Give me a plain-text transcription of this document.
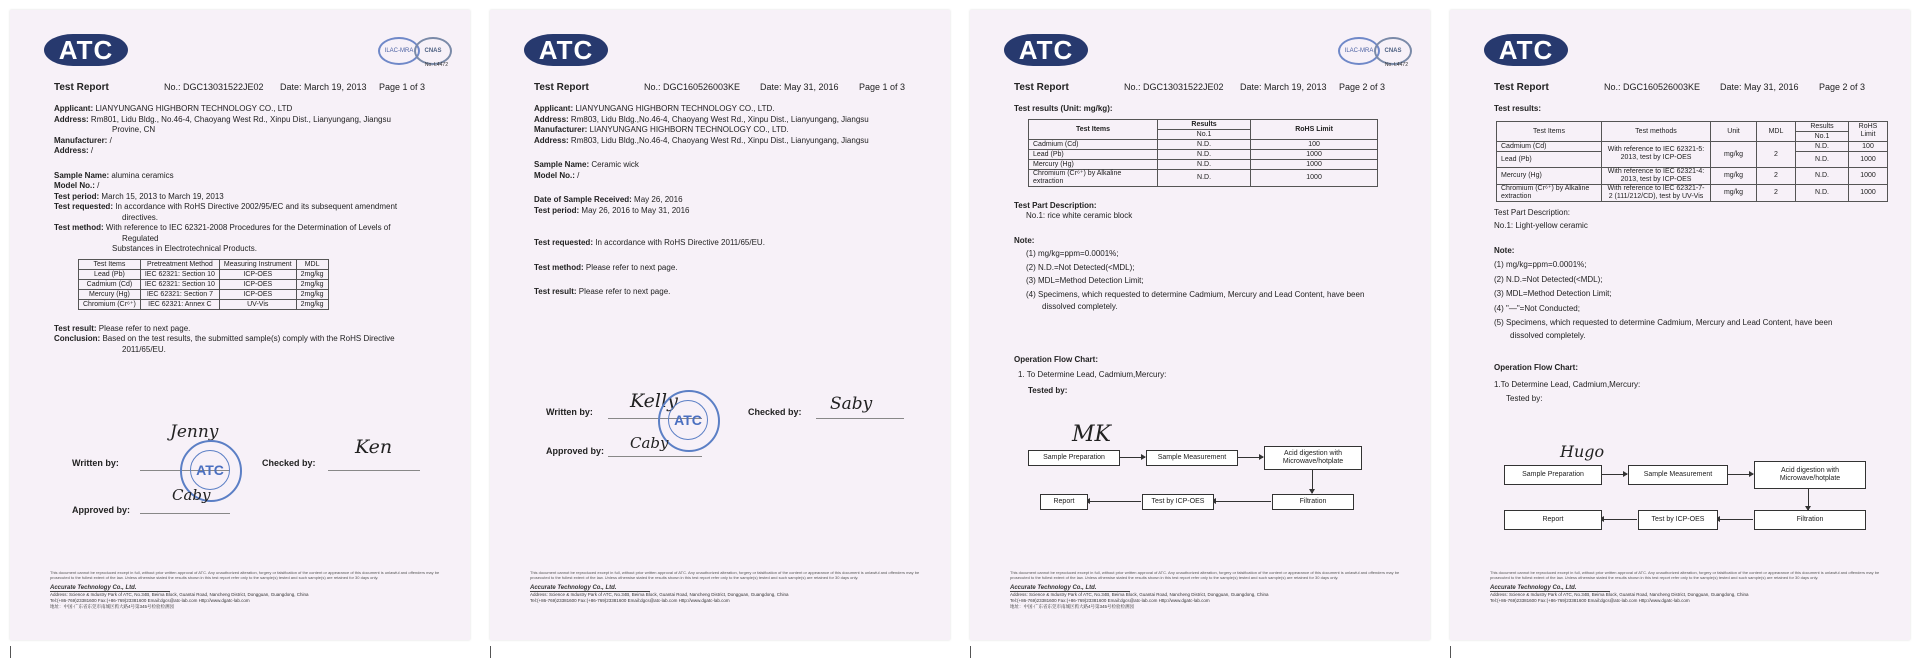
ATC	ILAC-MRA	CNAS
No. L4472
Test Report	No.: DGC13031522JE02 Date: March 19, 2013 Page 1 of 3
Applicant: LIANYUNGANG HIGHBORN TECHNOLOGY CO., LTD
Address: Rm801, Lidu Bldg., No.46-4, Chaoyang West Rd., Xinpu Dist., Lianyungang, Jiangsu
Provine, CN
Manufacturer: /
Address: /
Sample Name: alumina ceramics
Model No.: /
Test period: March 15, 2013 to March 19, 2013
Test requested: In accordance with RoHS Directive 2002/95/EC and its subsequent amendment
directives.
Test method: With reference to IEC 62321-2008 Procedures for the Determination of Levels of
Regulated
Substances in Electrotechnical Products.
Test Items	Pretreatment Method	Measuring Instrument	MDL
Lead (Pb)	IEC 62321: Section 10	ICP-OES	2mg/kg
Cadmium (Cd)	IEC 62321: Section 10	ICP-OES	2mg/kg
Mercury (Hg)	IEC 62321: Section 7	ICP-OES	2mg/kg
Chromium (Cr⁶⁺)	IEC 62321: Annex C	UV-Vis	2mg/kg
Test result: Please refer to next page.
Conclusion: Based on the test results, the submitted sample(s) comply with the RoHS Directive
2011/65/EU.
Written by:
Jenny
ATC	Checked by:
Ken
Approved by:
Caby
This document cannot be reproduced except in full, without prior written approval of ATC. Any unauthorized alteration, forgery or falsification of the content or appearance of this document is unlawful and offenders may be prosecuted to the fullest extent of the law. Unless otherwise stated the results shown in this test report refer only to the sample(s) tested and such sample(s) are retained for 30 days only.
Accurate Technology Co., Ltd.
Address: Science & Industry Park of ATC, No.34B, Beima Block, Guantai Road, Nancheng District, Dongguan, Guangdong, China
Tel:(+86-769)23381600 Fax:(+86-769)23381600 Email:dgcs@atc-lab.com Http://www.dgatc-lab.com
地址：中国·广东省东莞市南城区鸦大路4号第345号检验检测园
ATC
Test Report	No.: DGC160526003KE Date: May 31, 2016 Page 1 of 3
Applicant: LIANYUNGANG HIGHBORN TECHNOLOGY CO., LTD.
Address: Rm803, Lidu Bldg.,No.46-4, Chaoyang West Rd., Xinpu Dist., Lianyungang, Jiangsu
Manufacturer: LIANYUNGANG HIGHBORN TECHNOLOGY CO., LTD.
Address: Rm803, Lidu Bldg.,No.46-4, Chaoyang West Rd., Xinpu Dist., Lianyungang, Jiangsu
Sample Name: Ceramic wick
Model No.: /
Date of Sample Received: May 26, 2016
Test period: May 26, 2016 to May 31, 2016
Test requested: In accordance with RoHS Directive 2011/65/EU.
Test method: Please refer to next page.
Test result: Please refer to next page.
Written by: Kelly
ATC	Checked by: Saby
Approved by: Caby
This document cannot be reproduced except in full, without prior written approval of ATC. Any unauthorized alteration, forgery or falsification of the content or appearance of this document is unlawful and offenders may be prosecuted to the fullest extent of the law. Unless otherwise stated the results shown in this test report refer only to the sample(s) tested and such sample(s) are retained for 30 days only.
Accurate Technology Co., Ltd.
Address: Science & Industry Park of ATC, No.34B, Beima Block, Guantai Road, Nancheng District, Dongguan, Guangdong, China
Tel:(+86-769)23381600 Fax:(+86-769)23381600 Email:dgcs@atc-lab.com Http://www.dgatc-lab.com
ATC	ILAC-MRA	CNAS
No. L4472
Test Report	No.: DGC13031522JE02 Date: March 19, 2013 Page 2 of 3
Test results (Unit: mg/kg):
Test Items	Results	RoHS Limit
	No.1	
Cadmium (Cd)	N.D.	100
Lead (Pb)	N.D.	1000
Mercury (Hg)	N.D.	1000
Chromium (Cr⁶⁺) by Alkaline extraction	N.D.	1000
Test Part Description:
No.1: rice white ceramic block
Note:
(1) mg/kg=ppm=0.0001%;
(2) N.D.=Not Detected(<MDL);
(3) MDL=Method Detection Limit;
(4) Specimens, which requested to determine Cadmium, Mercury and Lead Content, have been
dissolved completely.
Operation Flow Chart:
1. To Determine Lead, Cadmium,Mercury:
Tested by:
MK
Sample Preparation	Sample Measurement
Acid digestion with Microwave/hotplate
Filtration
Test by ICP-OES
Report
This document cannot be reproduced except in full, without prior written approval of ATC. Any unauthorized alteration, forgery or falsification of the content or appearance of this document is unlawful and offenders may be prosecuted to the fullest extent of the law. Unless otherwise stated the results shown in this test report refer only to the sample(s) tested and such sample(s) are retained for 30 days only.
Accurate Technology Co., Ltd.
Address: Science & Industry Park of ATC, No.34B, Beima Block, Guantai Road, Nancheng District, Dongguan, Guangdong, China
Tel:(+86-769)23381600 Fax:(+86-769)23381600 Email:dgcs@atc-lab.com Http://www.dgatc-lab.com
地址：中国·广东省东莞市南城区鸦大路4号第345号检验检测园
ATC
Test Report	No.: DGC160526003KE Date: May 31, 2016 Page 2 of 3
Test results:
Test Items	Test methods	Unit	MDL	Results	RoHS Limit
				No.1	
Cadmium (Cd)	With reference to IEC 62321-5: 2013, test by ICP-OES	mg/kg	2	N.D.	100
Lead (Pb)				N.D.	1000
Mercury (Hg)	With reference to IEC 62321-4: 2013, test by ICP-OES	mg/kg	2	N.D.	1000
Chromium (Cr⁶⁺) by Alkaline extraction	With reference to IEC 62321-7-2 (111/212/CD), test by UV-Vis	mg/kg	2	N.D.	1000
Test Part Description:
No.1: Light-yellow ceramic
Note:
(1) mg/kg=ppm=0.0001%;
(2) N.D.=Not Detected(<MDL);
(3) MDL=Method Detection Limit;
(4) "—"=Not Conducted;
(5) Specimens, which requested to determine Cadmium, Mercury and Lead Content, have been
dissolved completely.
Operation Flow Chart:
1.To Determine Lead, Cadmium,Mercury:
Tested by:
Hugo
Sample Preparation	Sample Measurement
Acid digestion with Microwave/hotplate
Filtration
Test by ICP-OES
Report
This document cannot be reproduced except in full, without prior written approval of ATC. Any unauthorized alteration, forgery or falsification of the content or appearance of this document is unlawful and offenders may be prosecuted to the fullest extent of the law. Unless otherwise stated the results shown in this test report refer only to the sample(s) tested and such sample(s) are retained for 30 days only.
Accurate Technology Co., Ltd.
Address: Science & Industry Park of ATC, No.34B, Beima Block, Guantai Road, Nancheng District, Dongguan, Guangdong, China
Tel:(+86-769)23381600 Fax:(+86-769)23381600 Email:dgcs@atc-lab.com Http://www.dgatc-lab.com
